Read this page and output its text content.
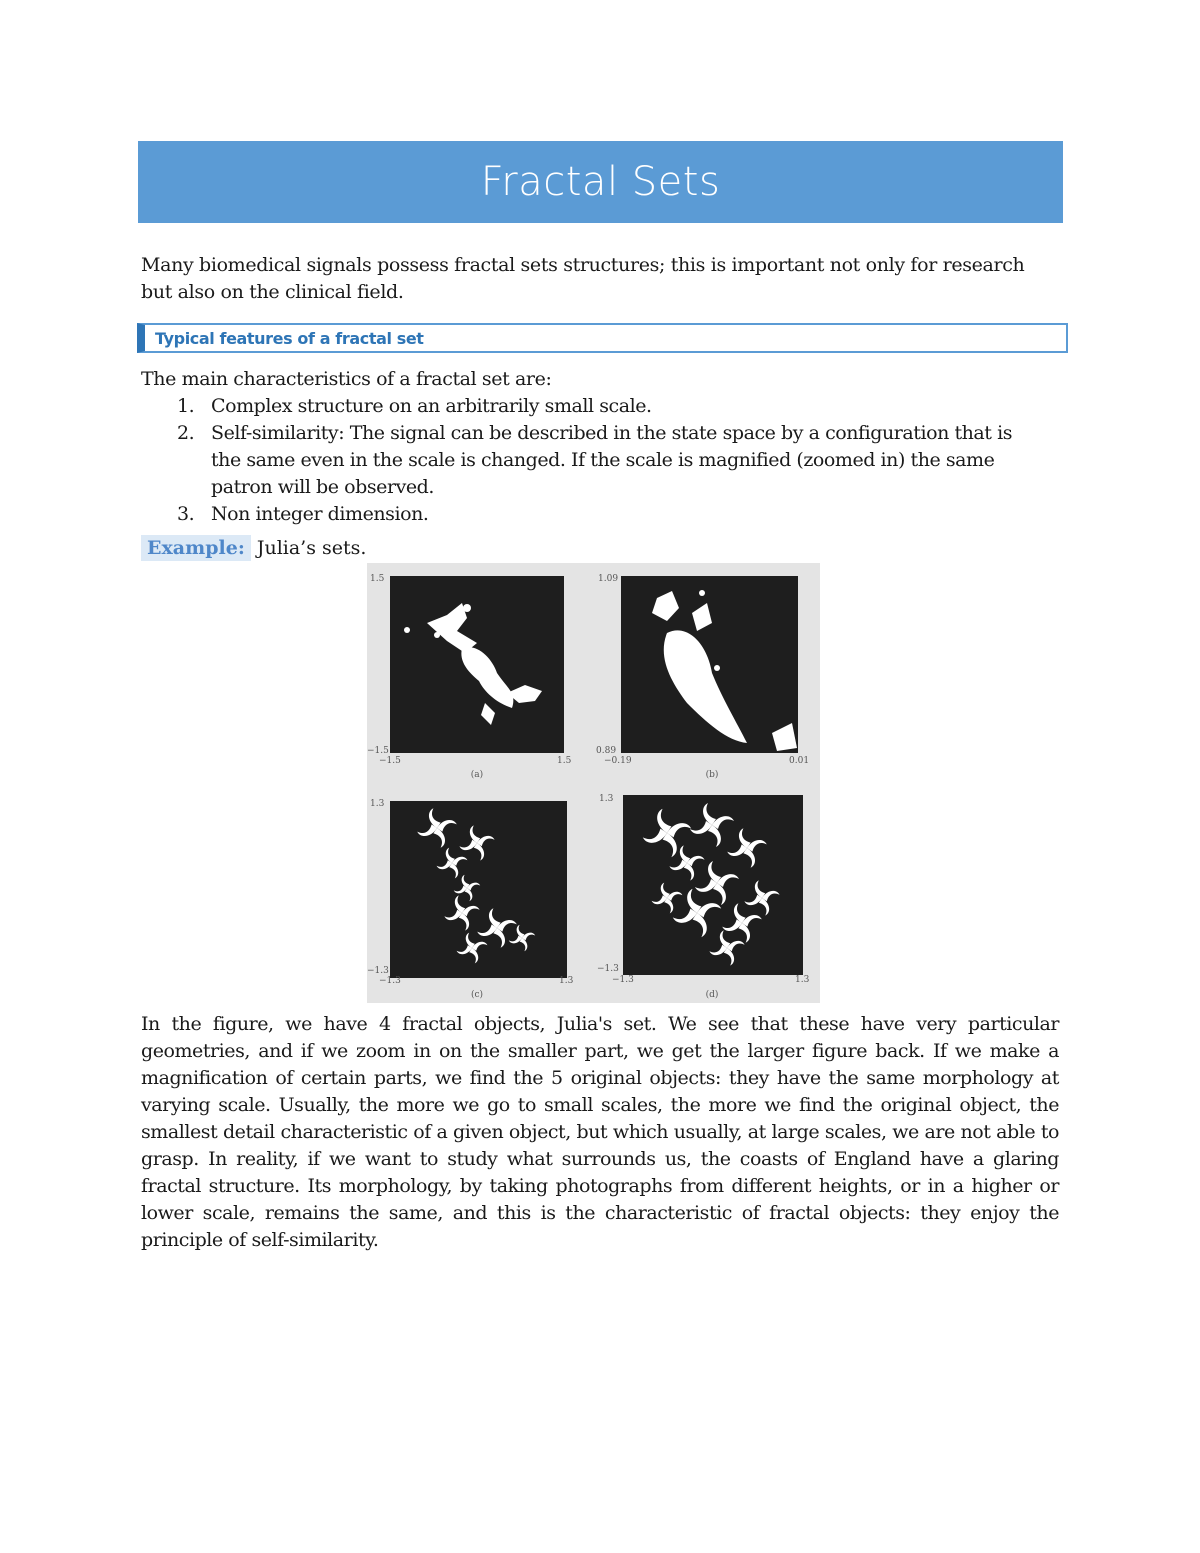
Fractal Sets

Many biomedical signals possess fractal sets structures; this is important not only for research but also on the clinical field.

Typical features of a fractal set

The main characteristics of a fractal set are:

1. Complex structure on an arbitrarily small scale.
2. Self-similarity: The signal can be described in the state space by a configuration that is the same even in the scale is changed. If the scale is magnified (zoomed in) the same patron will be observed.
3. Non integer dimension.
Example: Julia’s sets.
1.5
−1.5
−1.5	1.5
(a)
1.09
0.89
−0.19	0.01
(b)
1.3
−1.3
−1.3	1.3
(c)
1.3
−1.3
−1.3	1.3
(d)

In the figure, we have 4 fractal objects, Julia's set. We see that these have very particular geometries, and if we zoom in on the smaller part, we get the larger figure back. If we make a magnification of certain parts, we find the 5 original objects: they have the same morphology at varying scale. Usually, the more we go to small scales, the more we find the original object, the smallest detail characteristic of a given object, but which usually, at large scales, we are not able to grasp. In reality, if we want to study what surrounds us, the coasts of England have a glaring fractal structure. Its morphology, by taking photographs from different heights, or in a higher or lower scale, remains the same, and this is the characteristic of fractal objects: they enjoy the principle of self-similarity.
